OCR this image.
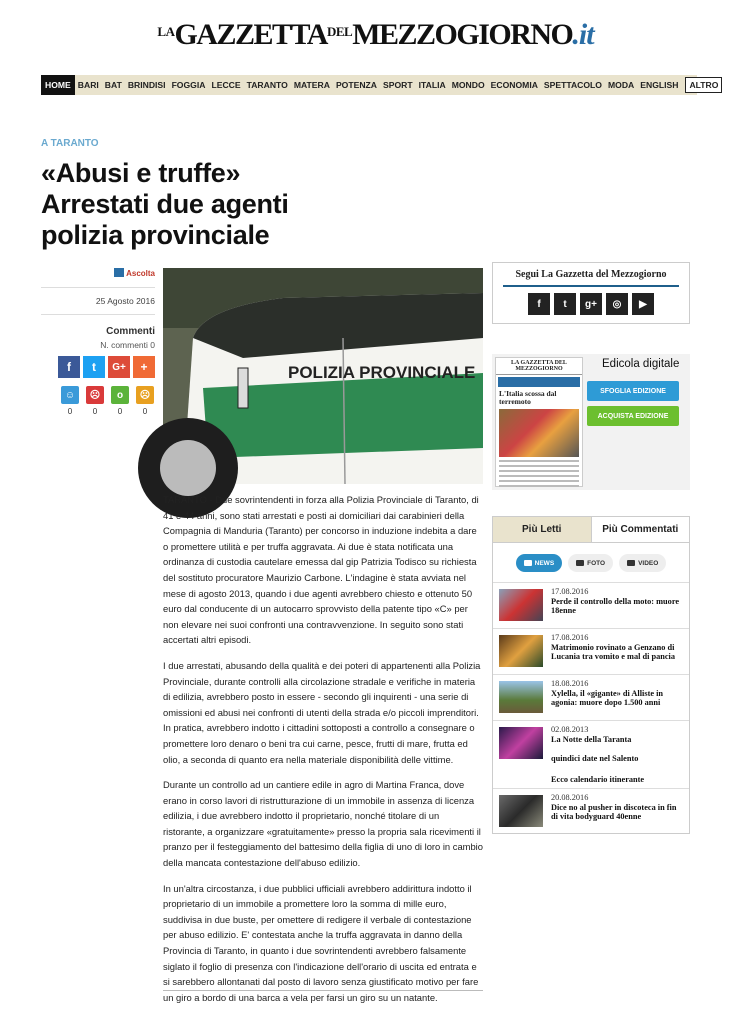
$^{LA}GAZZETTA^{DEL}MEZZOGIORNO.it$
HOME BARI BAT BRINDISI FOGGIA LECCE TARANTO MATERA POTENZA SPORT ITALIA MONDO ECONOMIA SPETTACOLO MODA ENGLISH	ALTRO
A TARANTO
«Abusi e truffe»
Arrestati due agenti
polizia provinciale
Ascolta
25 Agosto 2016
Commenti
N. commenti 0
f	t	G+	+
☺
0
☹
0
o
0
☹
0
POLIZIA PROVINCIALE

TARANTO - Due sovrintendenti in forza alla Polizia Provinciale di Taranto, di 41 e 44 anni, sono stati arrestati e posti ai domiciliari dai carabinieri della Compagnia di Manduria (Taranto) per concorso in induzione indebita a dare o promettere utilità e per truffa aggravata. Ai due è stata notificata una ordinanza di custodia cautelare emessa dal gip Patrizia Todisco su richiesta del sostituto procuratore Maurizio Carbone. L'indagine è stata avviata nel mese di agosto 2013, quando i due agenti avrebbero chiesto e ottenuto 50 euro dal conducente di un autocarro sprovvisto della patente tipo «C» per non elevare nei suoi confronti una contravvenzione. In seguito sono stati accertati altri episodi.

I due arrestati, abusando della qualità e dei poteri di appartenenti alla Polizia Provinciale, durante controlli alla circolazione stradale e verifiche in materia di edilizia, avrebbero posto in essere - secondo gli inquirenti - una serie di omissioni ed abusi nei confronti di utenti della strada e/o piccoli imprenditori. In pratica, avrebbero indotto i cittadini sottoposti a controllo a consegnare o promettere loro denaro o beni tra cui carne, pesce, frutti di mare, frutta ed olio, a seconda di quanto era nella materiale disponibilità delle vittime.

Durante un controllo ad un cantiere edile in agro di Martina Franca, dove erano in corso lavori di ristrutturazione di un immobile in assenza di licenza edilizia, i due avrebbero indotto il proprietario, nonché titolare di un ristorante, a organizzare «gratuitamente» presso la propria sala ricevimenti il pranzo per il festeggiamento del battesimo della figlia di uno di loro in cambio della mancata contestazione dell'abuso edilizio.

In un'altra circostanza, i due pubblici ufficiali avrebbero addirittura indotto il proprietario di un immobile a promettere loro la somma di mille euro, suddivisa in due buste, per omettere di redigere il verbale di contestazione per abuso edilizio. E' contestata anche la truffa aggravata in danno della Provincia di Taranto, in quanto i due sovrintendenti avrebbero falsamente siglato il foglio di presenza con l'indicazione dell'orario di uscita ed entrata e si sarebbero allontanati dal posto di lavoro senza giustificato motivo per fare un giro a bordo di una barca a vela per farsi un giro su un natante.

Segui La Gazzetta del Mezzogiorno
f	t	g+	◎	▶
LA GAZZETTA DEL MEZZOGIORNO
L'Italia scossa dal terremoto
Edicola digitale
SFOGLIA EDIZIONE
ACQUISTA EDIZIONE
Più Letti	Più Commentati
NEWS	FOTO	VIDEO
17.08.2016
Perde il controllo della moto: muore 18enne
17.08.2016
Matrimonio rovinato a Genzano di Lucania tra vomito e mal di pancia
18.08.2016
Xylella, il «gigante» di Alliste in agonia: muore dopo 1.500 anni
02.08.2013
La Notte della Taranta
quindici date nel Salento
Ecco calendario itinerante
20.08.2016
Dice no al pusher in discoteca in fin di vita bodyguard 40enne
